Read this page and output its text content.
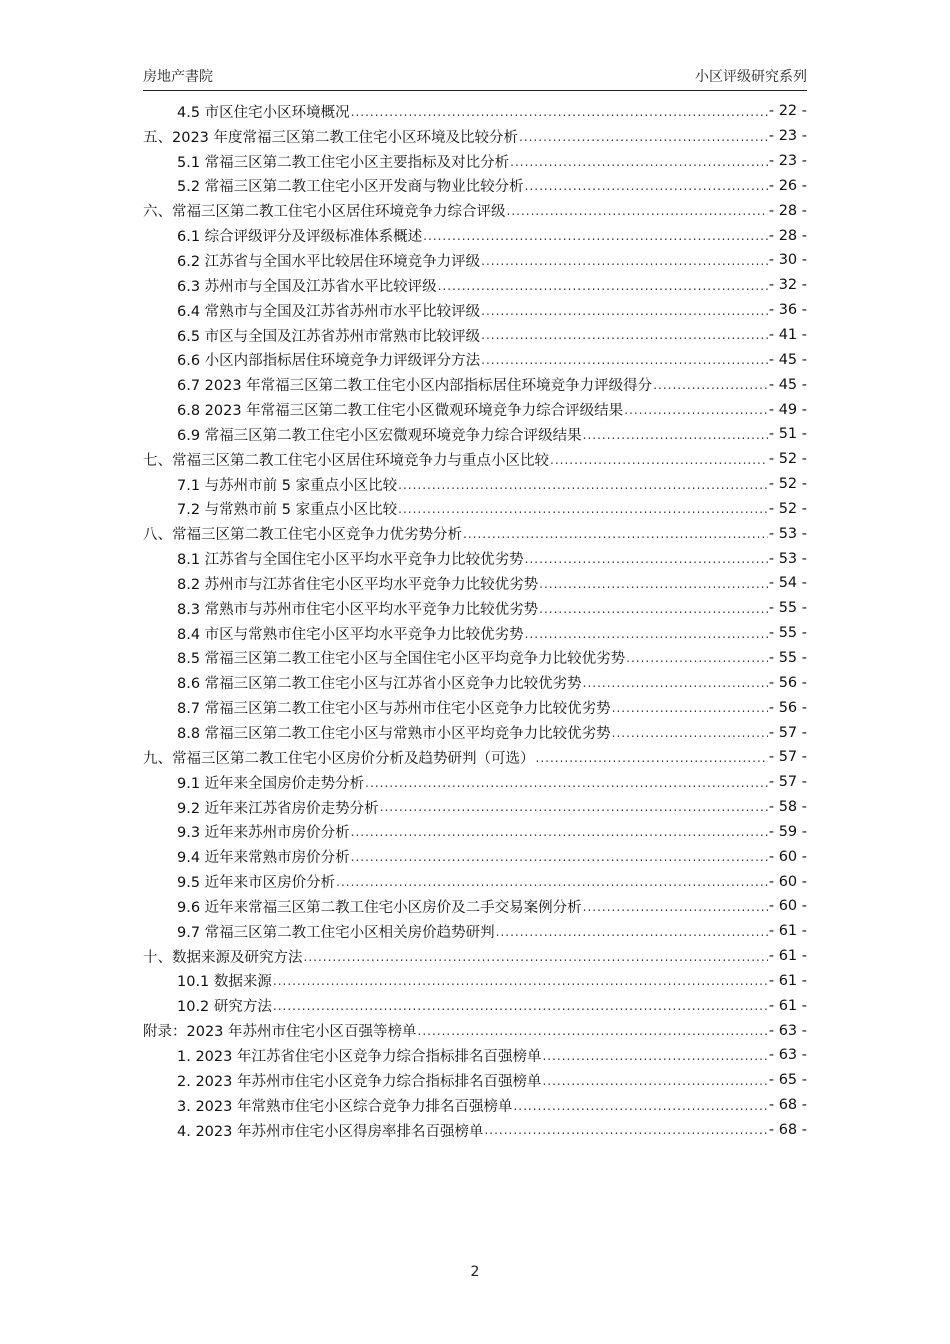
房地产書院	小区评级研究系列
4.5 市区住宅小区环境概况 .....	- 22 -
五、2023 年度常福三区第二教工住宅小区环境及比较分析 .....	- 23 -
5.1 常福三区第二教工住宅小区主要指标及对比分析 .....	- 23 -
5.2 常福三区第二教工住宅小区开发商与物业比较分析 .....	- 26 -
六、常福三区第二教工住宅小区居住环境竞争力综合评级 .....	- 28 -
6.1 综合评级评分及评级标准体系概述 .....	- 28 -
6.2 江苏省与全国水平比较居住环境竞争力评级 .....	- 30 -
6.3 苏州市与全国及江苏省水平比较评级 .....	- 32 -
6.4 常熟市与全国及江苏省苏州市水平比较评级 .....	- 36 -
6.5 市区与全国及江苏省苏州市常熟市比较评级 .....	- 41 -
6.6 小区内部指标居住环境竞争力评级评分方法 .....	- 45 -
6.7 2023 年常福三区第二教工住宅小区内部指标居住环境竞争力评级得分 .....	- 45 -
6.8 2023 年常福三区第二教工住宅小区微观环境竞争力综合评级结果 .....	- 49 -
6.9 常福三区第二教工住宅小区宏微观环境竞争力综合评级结果 .....	- 51 -
七、常福三区第二教工住宅小区居住环境竞争力与重点小区比较 .....	- 52 -
7.1 与苏州市前 5 家重点小区比较 .....	- 52 -
7.2 与常熟市前 5 家重点小区比较 .....	- 52 -
八、常福三区第二教工住宅小区竞争力优劣势分析 .....	- 53 -
8.1 江苏省与全国住宅小区平均水平竞争力比较优劣势 .....	- 53 -
8.2 苏州市与江苏省住宅小区平均水平竞争力比较优劣势 .....	- 54 -
8.3 常熟市与苏州市住宅小区平均水平竞争力比较优劣势 .....	- 55 -
8.4 市区与常熟市住宅小区平均水平竞争力比较优劣势 .....	- 55 -
8.5 常福三区第二教工住宅小区与全国住宅小区平均竞争力比较优劣势 .....	- 55 -
8.6 常福三区第二教工住宅小区与江苏省小区竞争力比较优劣势 .....	- 56 -
8.7 常福三区第二教工住宅小区与苏州市住宅小区竞争力比较优劣势 .....	- 56 -
8.8 常福三区第二教工住宅小区与常熟市小区平均竞争力比较优劣势 .....	- 57 -
九、常福三区第二教工住宅小区房价分析及趋势研判（可选） .....	- 57 -
9.1 近年来全国房价走势分析 .....	- 57 -
9.2 近年来江苏省房价走势分析 .....	- 58 -
9.3 近年来苏州市房价分析 .....	- 59 -
9.4 近年来常熟市房价分析 .....	- 60 -
9.5 近年来市区房价分析 .....	- 60 -
9.6 近年来常福三区第二教工住宅小区房价及二手交易案例分析 .....	- 60 -
9.7 常福三区第二教工住宅小区相关房价趋势研判 .....	- 61 -
十、数据来源及研究方法 .....	- 61 -
10.1 数据来源 .....	- 61 -
10.2 研究方法 .....	- 61 -
附录：2023 年苏州市住宅小区百强等榜单 .....	- 63 -
1. 2023 年江苏省住宅小区竞争力综合指标排名百强榜单 .....	- 63 -
2. 2023 年苏州市住宅小区竞争力综合指标排名百强榜单 .....	- 65 -
3. 2023 年常熟市住宅小区综合竞争力排名百强榜单 .....	- 68 -
4. 2023 年苏州市住宅小区得房率排名百强榜单 .....	- 68 -
2
